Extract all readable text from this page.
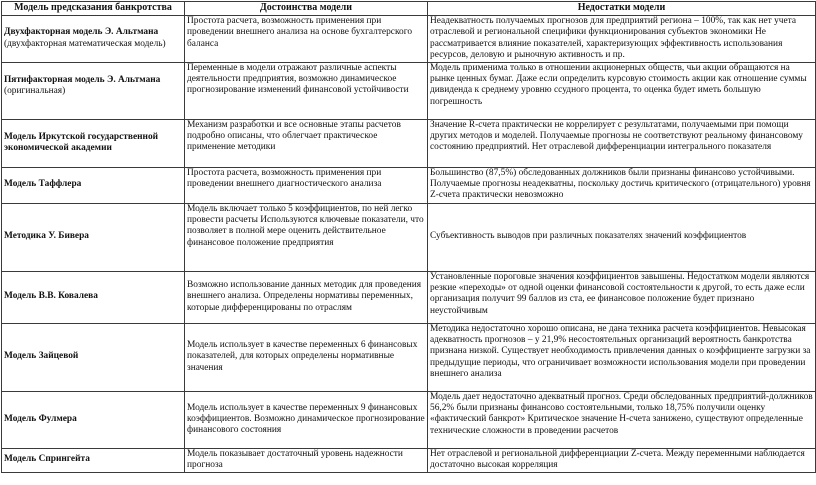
Модель предсказания банкротства	Достоинства модели	Недостатки модели

Двухфакторная модель Э. Альтмана
(двухфакторная математическая модель)	Простота расчета, возможность применения при проведении внешнего анализа на основе бухгалтерского баланса	Неадекватность получаемых прогнозов для предприятий региона – 100%, так как нет учета отраслевой и региональной специфики функционирования субъектов экономики Не рассматривается влияние показателей, характеризующих эффективность использования ресурсов, деловую и рыночную активность и пр.

Пятифакторная модель Э. Альтмана
(оригинальная)	Переменные в модели отражают различные аспекты деятельности предприятия, возможно динамическое прогнозирование изменений финансовой устойчивости	Модель применима только в отношении акционерных обществ, чьи акции обращаются на рынке ценных бумаг. Даже если определить курсовую стоимость акции как отношение суммы дивиденда к среднему уровню ссудного процента, то оценка будет иметь большую погрешность

Модель Иркутской государственной экономической академии	Механизм разработки и все основные этапы расчетов подробно описаны, что облегчает практическое применение методики	Значение R-счета практически не коррелирует с результатами, получаемыми при помощи других методов и моделей. Получаемые прогнозы не соответствуют реальному финансовому состоянию предприятий. Нет отраслевой дифференциации интегрального показателя

Модель Таффлера	Простота расчета, возможность применения при проведении внешнего диагностического анализа	Большинство (87,5%) обследованных должников были признаны финансово устойчивыми. Получаемые прогнозы неадекватны, поскольку достичь критического (отрицательного) уровня Z-счета практически невозможно

Методика У. Бивера	Модель включает только 5 коэффициентов, по ней легко провести расчеты Используются ключевые показатели, что позволяет в полной мере оценить действительное финансовое положение предприятия	Субъективность выводов при различных показателях значений коэффициентов

Модель В.В. Ковалева	Возможно использование данных методик для проведения внешнего анализа. Определены нормативы переменных, которые дифференцированы по отраслям	Установленные пороговые значения коэффициентов завышены. Недостатком модели являются резкие «переходы» от одной оценки финансовой состоятельности к другой, то есть даже если организация получит 99 баллов из ста, ее финансовое положение будет признано неустойчивым

Модель Зайцевой	Модель использует в качестве переменных 6 финансовых показателей, для которых определены нормативные значения	Методика недостаточно хорошо описана, не дана техника расчета коэффициентов. Невысокая адекватность прогнозов – у 21,9% несостоятельных организаций вероятность банкротства признана низкой. Существует необходимость привлечения данных о коэффициенте загрузки за предыдущие периоды, что ограничивает возможности использования модели при проведении внешнего анализа

Модель Фулмера	Модель использует в качестве переменных 9 финансовых коэффициентов. Возможно динамическое прогнозирование финансового состояния	Модель дает недостаточно адекватный прогноз. Среди обследованных предприятий-должников 56,2% были признаны финансово состоятельными, только 18,75% получили оценку «фактический банкрот» Критическое значение H-счета занижено, существуют определенные технические сложности в проведении расчетов

Модель Спрингейта	Модель показывает достаточный уровень надежности прогноза	Нет отраслевой и региональной дифференциации Z-счета. Между переменными наблюдается достаточно высокая корреляция
